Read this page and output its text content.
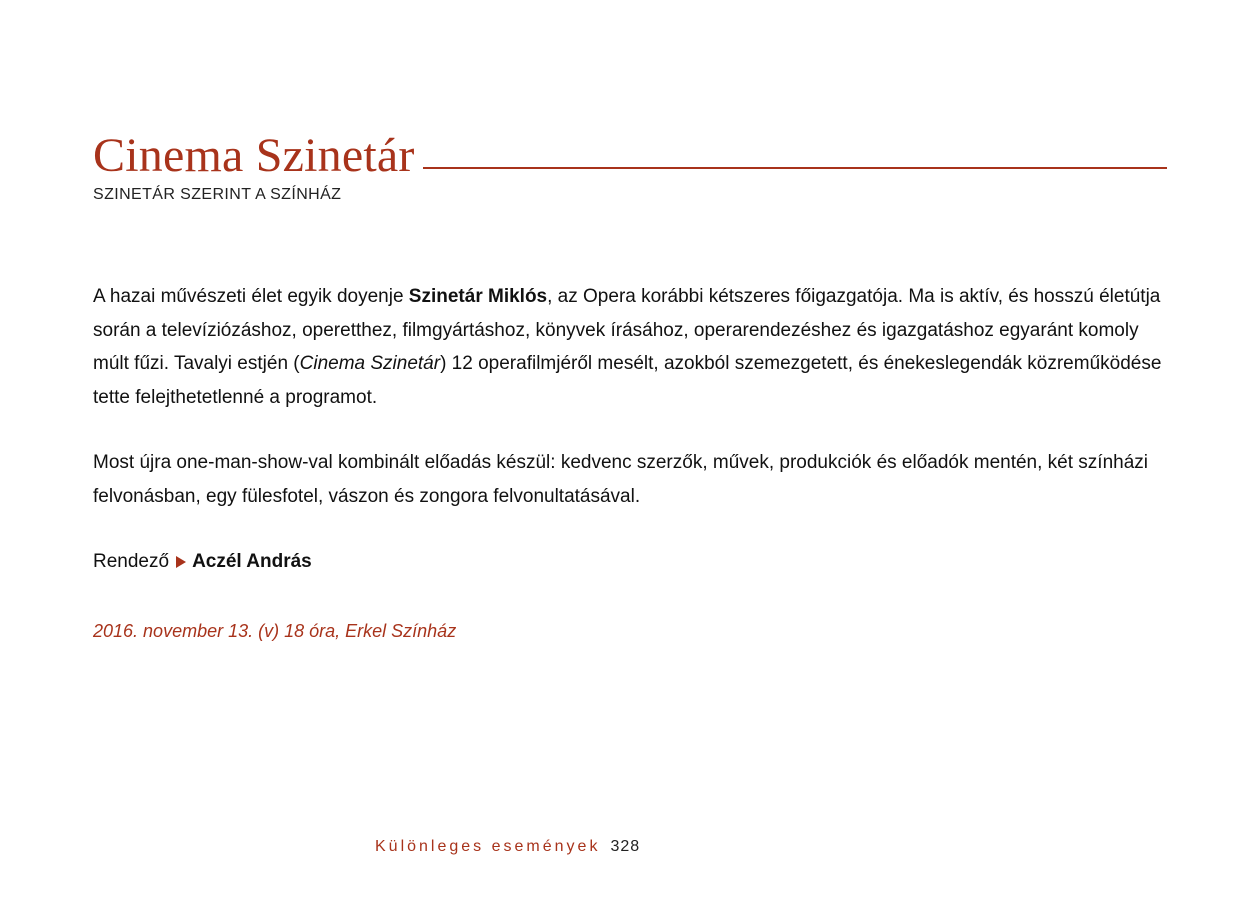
Cinema Szinetár
SZINETÁR SZERINT A SZÍNHÁZ

A hazai művészeti élet egyik doyenje Szinetár Miklós, az Opera korábbi kétszeres főigazgatója. Ma is aktív, és hosszú életútja során a televíziózáshoz, operetthez, filmgyártáshoz, könyvek írásához, operarendezéshez és igazgatáshoz egyaránt komoly múlt fűzi. Tavalyi estjén (Cinema Szinetár) 12 operafilmjéről mesélt, azokból szemezgetett, és énekeslegendák közreműködése tette felejthetetlenné a programot.

Most újra one-man-show-val kombinált előadás készül: kedvenc szerzők, művek, produkciók és előadók mentén, két színházi felvonásban, egy fülesfotel, vászon és zongora felvonultatásával.

Rendező Aczél András
2016. november 13. (v) 18 óra, Erkel Színház
Különleges események 328
